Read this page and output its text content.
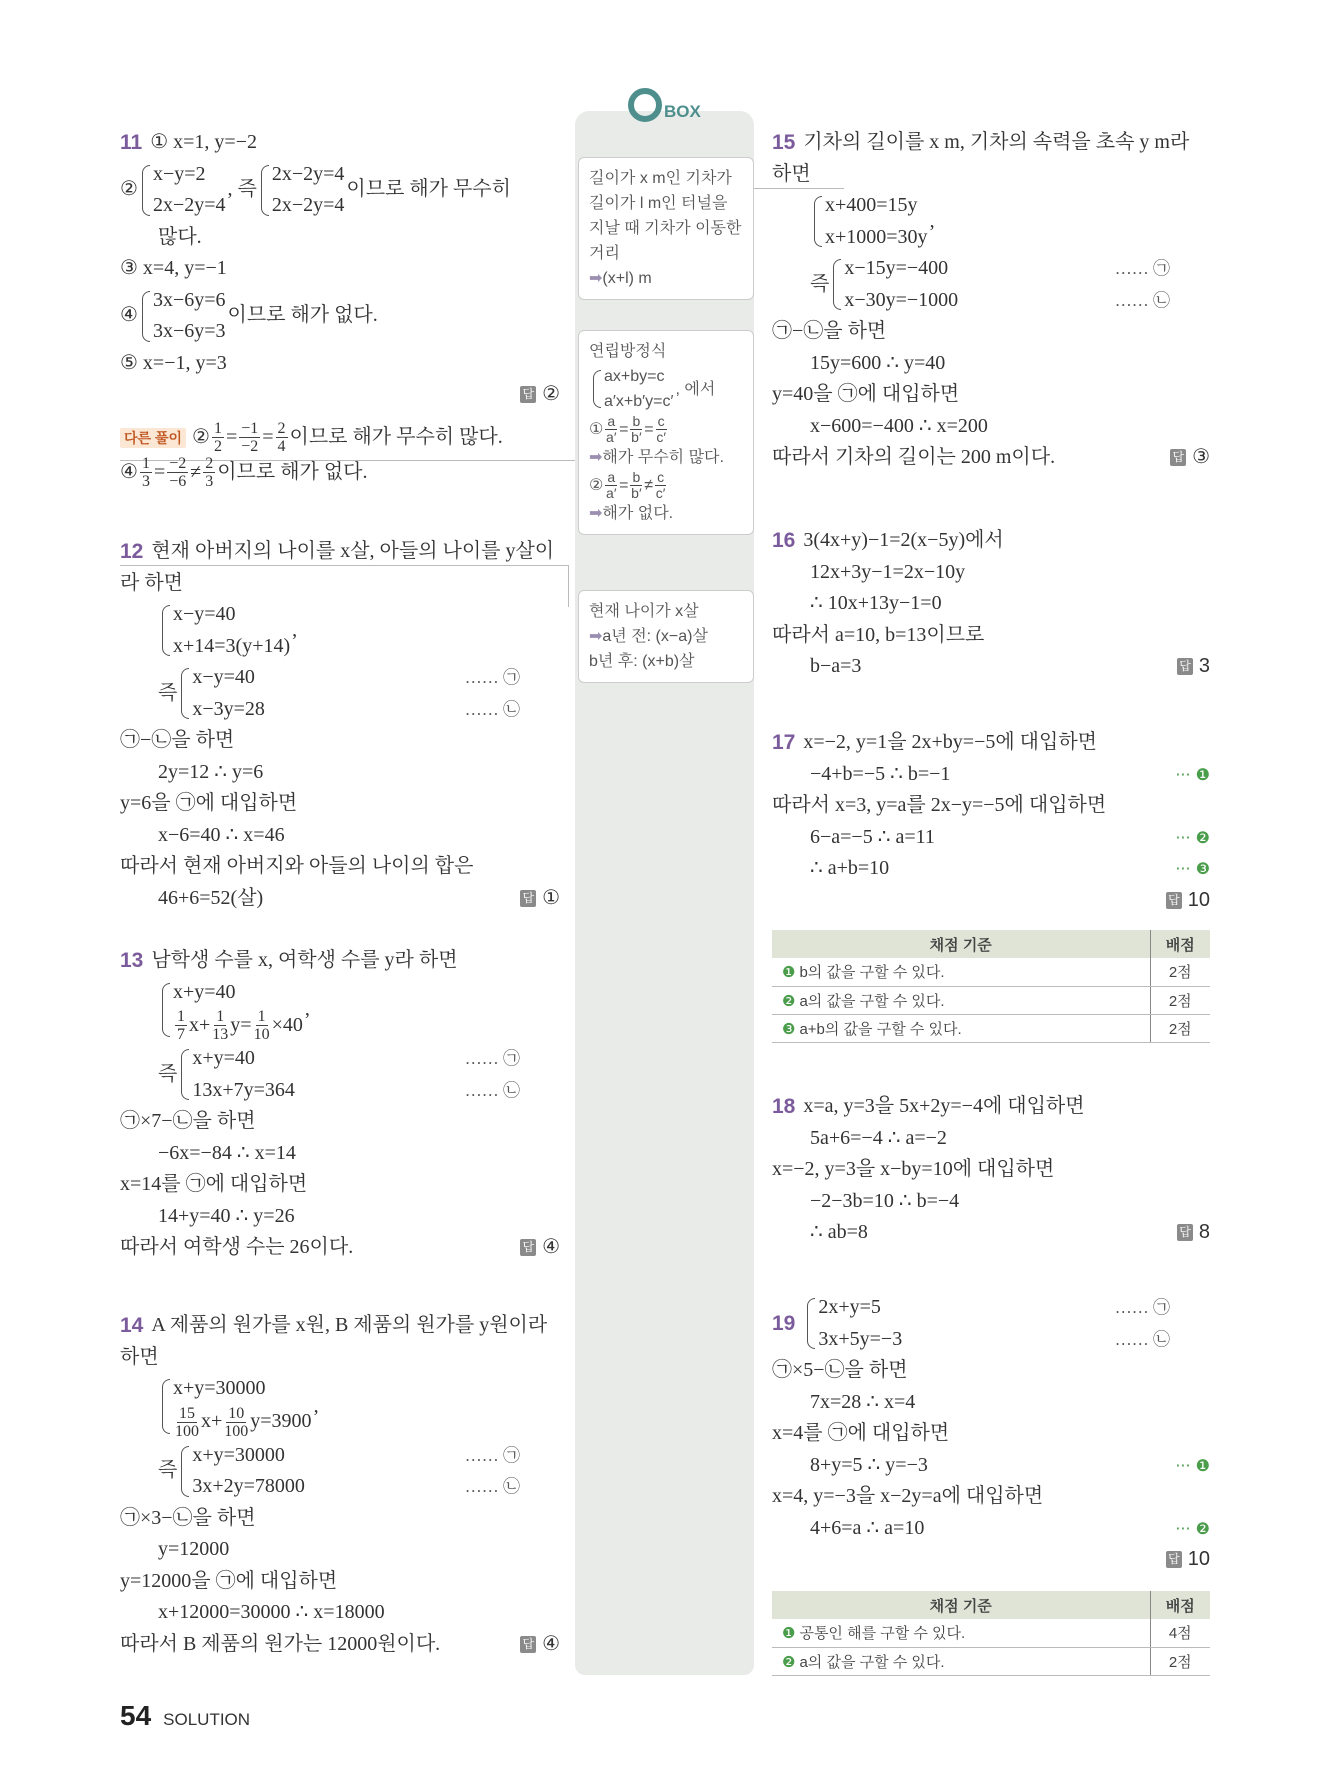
BOX
길이가 x m인 기차가
길이가 l m인 터널을
지날 때 기차가 이동한
거리
➡ (x+l) m
연립방정식
ax+by=c
a′x+b′y=c′
, 에서
① $\frac{a}{a'} = \frac{b}{b'} = \frac{c}{c'}$
➡ 해가 무수히 많다.
② $\frac{a}{a'} = \frac{b}{b'} \ne \frac{c}{c'}$
➡ 해가 없다.
현재 나이가 x살
➡ a년 전: (x−a)살
b년 후: (x+b)살
11 ① x=1, y=−2
②
x−y=2
2x−2y=4
, 즉
2x−2y=4
2x−2y=4
이므로 해가 무수히
많다.
③ x=4, y=−1
④
3x−6y=6
3x−6y=3
이므로 해가 없다.
⑤ x=−1, y=3
답 ②
다른 풀이 ② $\frac{1}{2} = \frac{-1}{-2} = \frac{2}{4}$ 이므로 해가 무수히 많다.
④ $\frac{1}{3} = \frac{-2}{-6} \ne \frac{2}{3}$ 이므로 해가 없다.
12 현재 아버지의 나이를 x살, 아들의 나이를 y살이
라 하면
x−y=40
x+14=3(y+14)
,
즉
x−y=40
x−3y=28
…… ㉠
…… ㉡
㉠−㉡을 하면
2y=12 ∴ y=6
y=6을 ㉠에 대입하면
x−6=40 ∴ x=46
따라서 현재 아버지와 아들의 나이의 합은
46+6=52(살)	답 ①
13 남학생 수를 x, 여학생 수를 y라 하면
x+y=40
$\frac{1}{7} x+ \frac{1}{13} y= \frac{1}{10} \times 40$
,
즉
x+y=40
13x+7y=364
…… ㉠
…… ㉡
㉠×7−㉡을 하면
−6x=−84 ∴ x=14
x=14를 ㉠에 대입하면
14+y=40 ∴ y=26
따라서 여학생 수는 26이다.	답 ④
14 A 제품의 원가를 x원, B 제품의 원가를 y원이라
하면
x+y=30000
$\frac{15}{100} x+ \frac{10}{100} y=3900$
,
즉
x+y=30000
3x+2y=78000
…… ㉠
…… ㉡
㉠×3−㉡을 하면
y=12000
y=12000을 ㉠에 대입하면
x+12000=30000 ∴ x=18000
따라서 B 제품의 원가는 12000원이다.	답 ④
15 기차의 길이를 x m, 기차의 속력을 초속 y m라
하면
x+400=15y
x+1000=30y
,
즉
x−15y=−400
x−30y=−1000
…… ㉠
…… ㉡
㉠−㉡을 하면
15y=600 ∴ y=40
y=40을 ㉠에 대입하면
x−600=−400 ∴ x=200
따라서 기차의 길이는 200 m이다.	답 ③
16 3(4x+y)−1=2(x−5y)에서
12x+3y−1=2x−10y
∴ 10x+13y−1=0
따라서 a=10, b=13이므로
b−a=3	답 3
17 x=−2, y=1을 2x+by=−5에 대입하면
−4+b=−5 ∴ b=−1	··· ❶
따라서 x=3, y=a를 2x−y=−5에 대입하면
6−a=−5 ∴ a=11	··· ❷
∴ a+b=10	··· ❸
답 10
채점 기준	배점
❶ b의 값을 구할 수 있다.	2점
❷ a의 값을 구할 수 있다.	2점
❸ a+b의 값을 구할 수 있다.	2점
18 x=a, y=3을 5x+2y=−4에 대입하면
5a+6=−4 ∴ a=−2
x=−2, y=3을 x−by=10에 대입하면
−2−3b=10 ∴ b=−4
∴ ab=8	답 8
19
2x+y=5
3x+5y=−3
…… ㉠
…… ㉡
㉠×5−㉡을 하면
7x=28 ∴ x=4
x=4를 ㉠에 대입하면
8+y=5 ∴ y=−3	··· ❶
x=4, y=−3을 x−2y=a에 대입하면
4+6=a ∴ a=10	··· ❷
답 10
채점 기준	배점
❶ 공통인 해를 구할 수 있다.	4점
❷ a의 값을 구할 수 있다.	2점
54 SOLUTION
